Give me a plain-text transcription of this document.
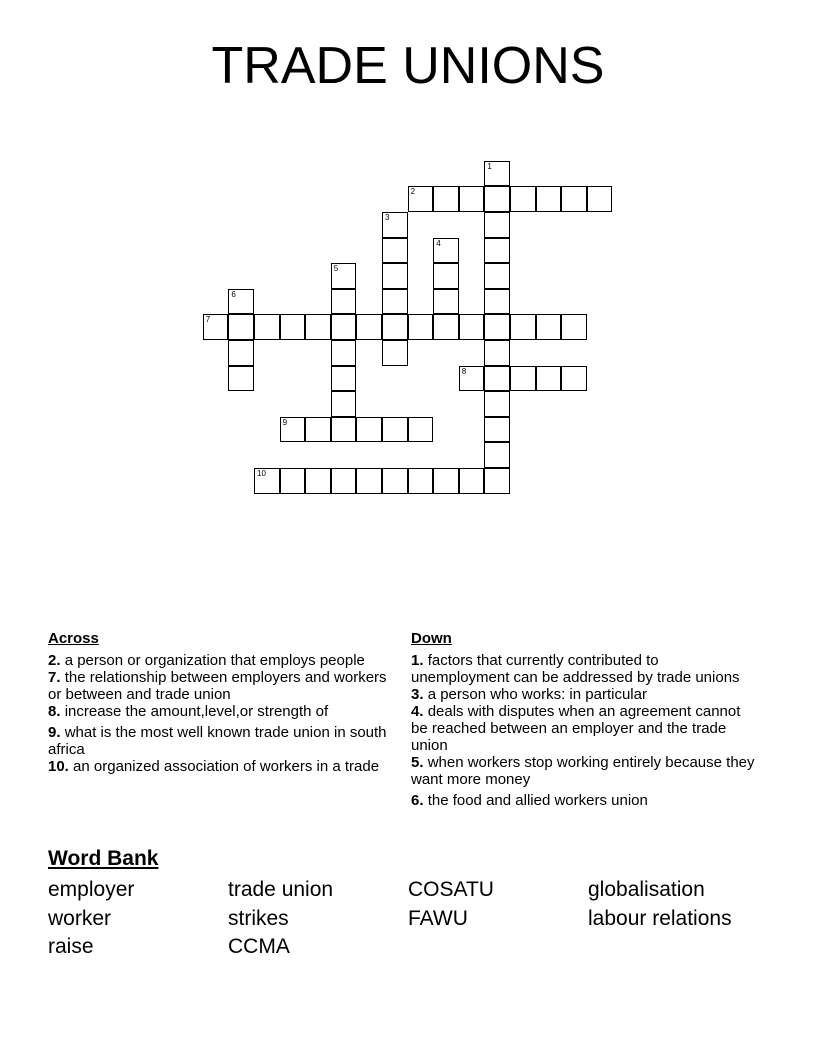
TRADE UNIONS
1
2
3
4
5
6
7
8
9
10
Across
2. a person or organization that employs people
7. the relationship between employers and workers or between and trade union
8. increase the amount,level,or strength of
9. what is the most well known trade union in south africa
10. an organized association of workers in a trade
Down
1. factors that currently contributed to unemployment can be addressed by trade unions
3. a person who works: in particular
4. deals with disputes when an agreement cannot be reached between an employer and the trade union
5. when workers stop working entirely because they want more money
6. the food and allied workers union
Word Bank
employer	trade union	COSATU	globalisation
worker	strikes	FAWU	labour relations
raise	CCMA
